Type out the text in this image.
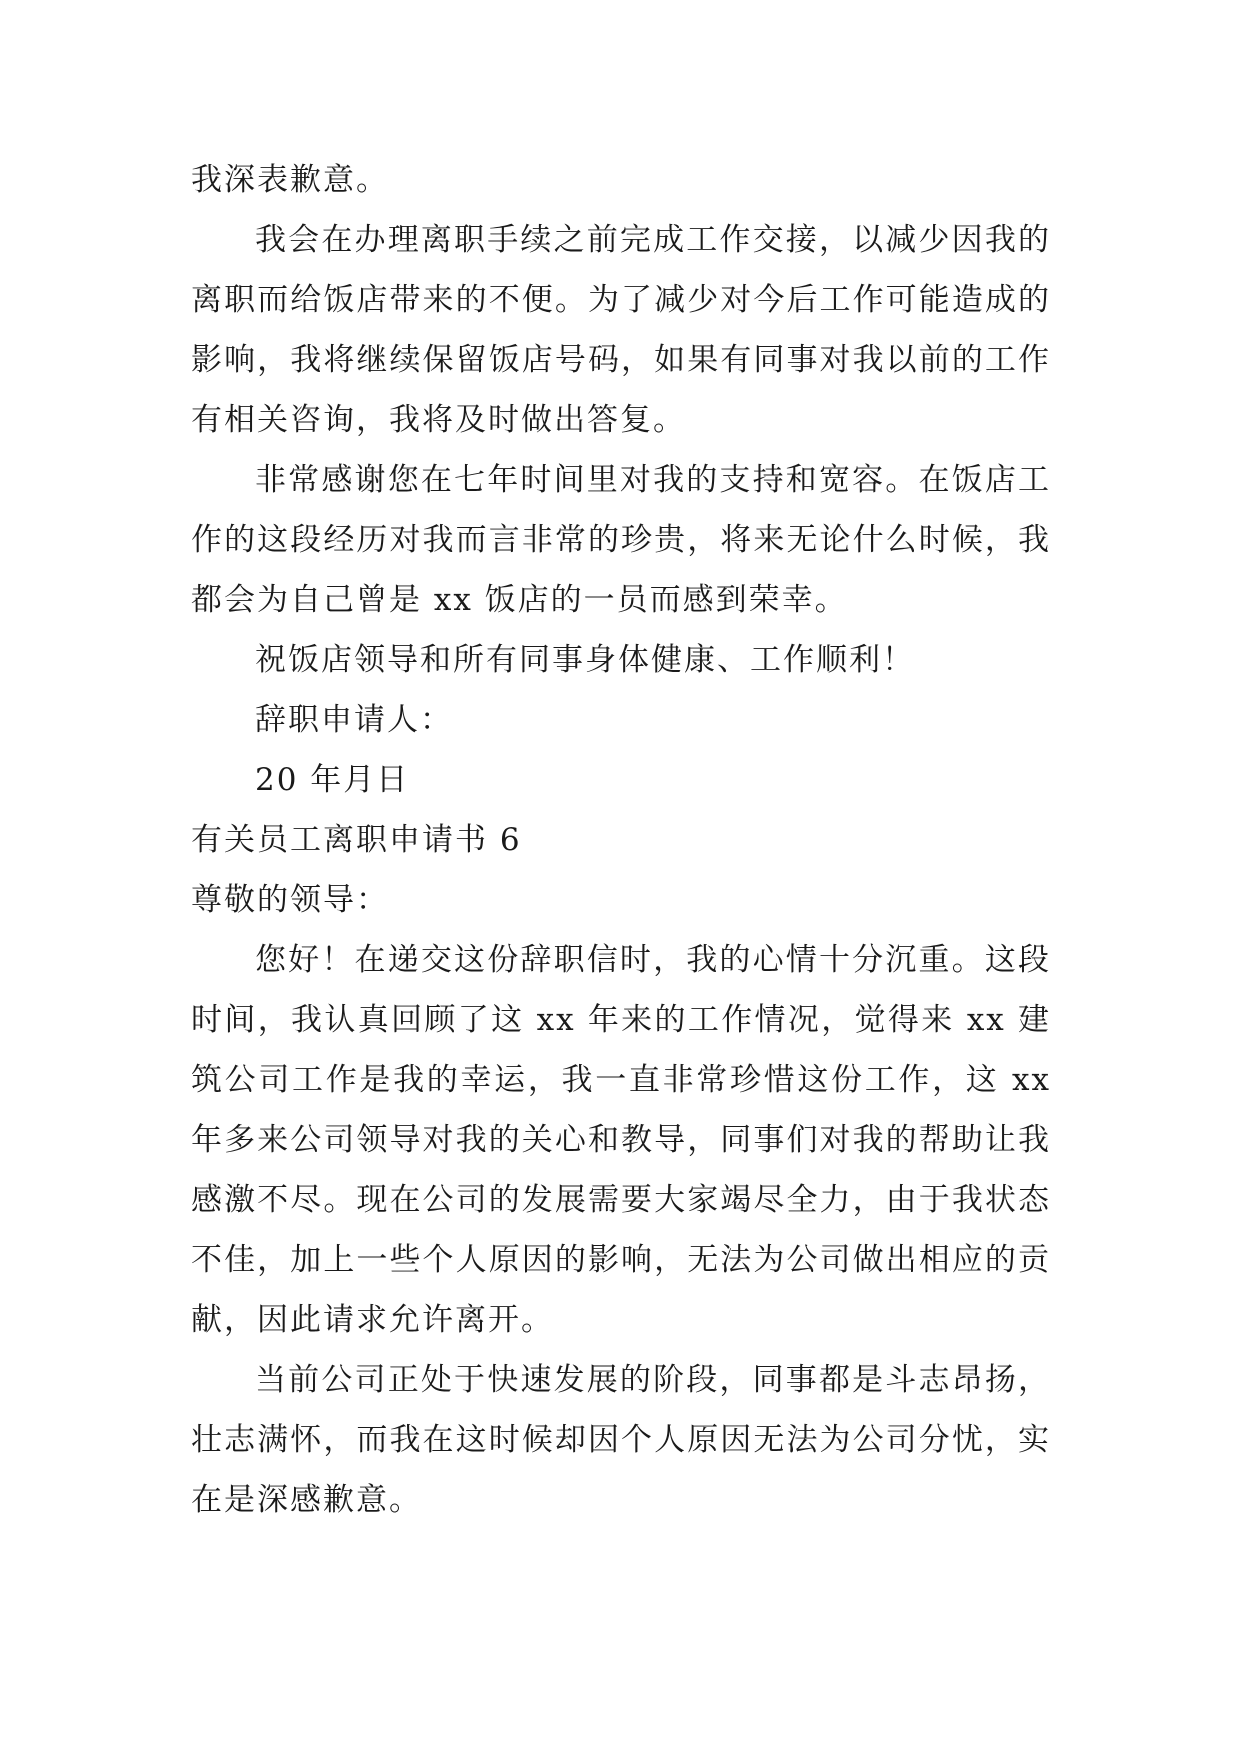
我深表歉意。

我会在办理离职手续之前完成工作交接，以减少因我的离职而给饭店带来的不便。为了减少对今后工作可能造成的影响，我将继续保留饭店号码，如果有同事对我以前的工作有相关咨询，我将及时做出答复。

非常感谢您在七年时间里对我的支持和宽容。在饭店工作的这段经历对我而言非常的珍贵，将来无论什么时候，我都会为自己曾是 xx 饭店的一员而感到荣幸。

祝饭店领导和所有同事身体健康、工作顺利！

辞职申请人：

20 年月日

有关员工离职申请书 6

尊敬的领导：

您好！在递交这份辞职信时，我的心情十分沉重。这段时间，我认真回顾了这 xx 年来的工作情况，觉得来 xx 建筑公司工作是我的幸运，我一直非常珍惜这份工作，这 xx 年多来公司领导对我的关心和教导，同事们对我的帮助让我感激不尽。现在公司的发展需要大家竭尽全力，由于我状态不佳，加上一些个人原因的影响，无法为公司做出相应的贡献，因此请求允许离开。

当前公司正处于快速发展的阶段，同事都是斗志昂扬，壮志满怀，而我在这时候却因个人原因无法为公司分忧，实在是深感歉意。
